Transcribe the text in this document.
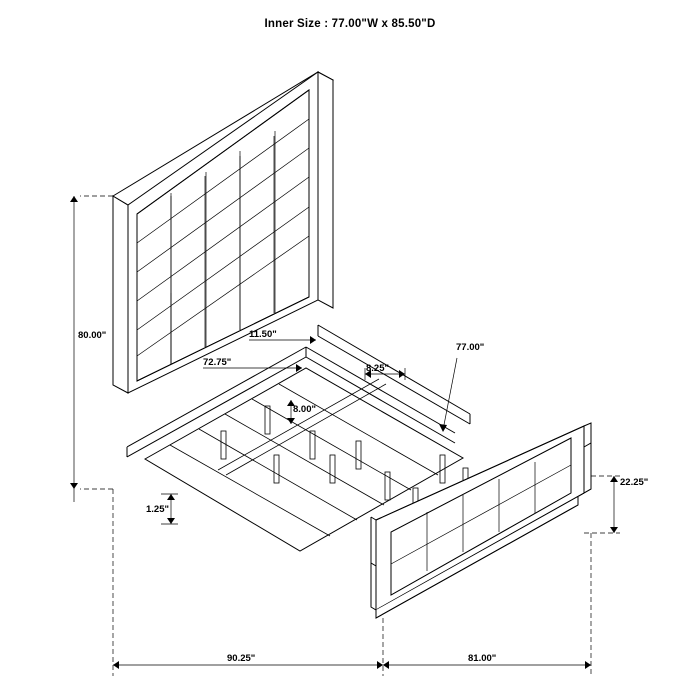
Inner Size : 77.00"W x 85.50"D
80.00"
72.75"
11.50"
77.00"
8.25"
8.00"
22.25"
1.25"
90.25"	81.00"
